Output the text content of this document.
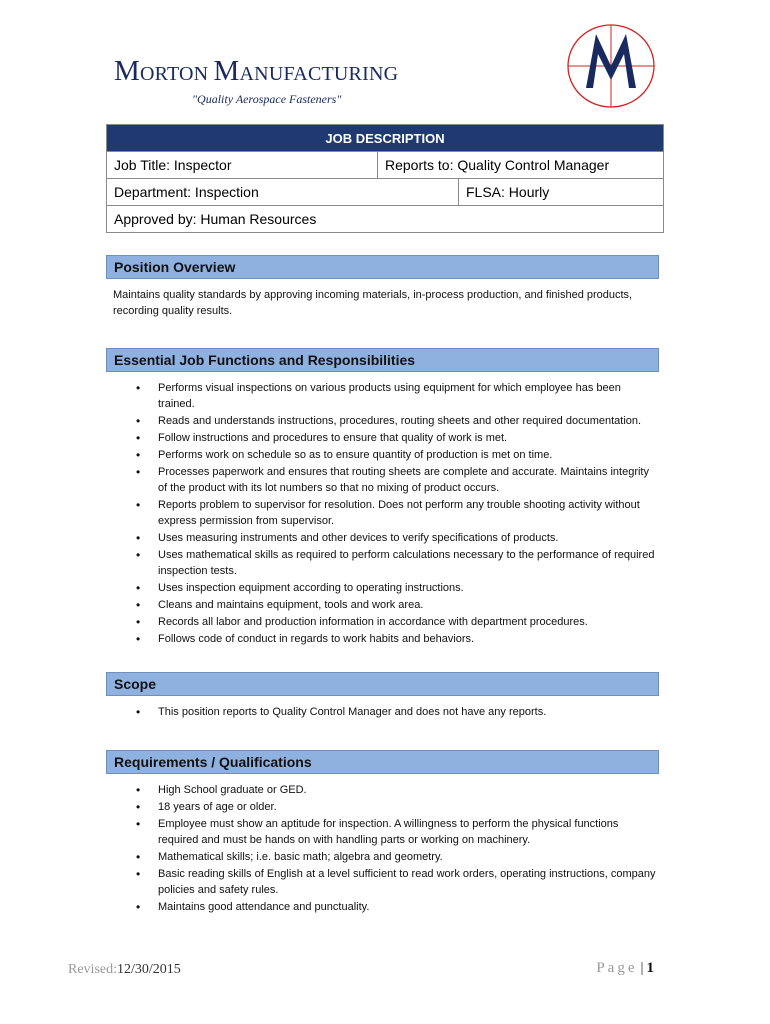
MORTON MANUFACTURING
"Quality Aerospace Fasteners"
JOB DESCRIPTION		
Job Title: Inspector	Reports to: Quality Control Manager	
Department: Inspection		FLSA: Hourly
Approved by: Human Resources		
Position Overview
Maintains quality standards by approving incoming materials, in-process production, and finished products, recording quality results.
Essential Job Functions and Responsibilities
• Performs visual inspections on various products using equipment for which employee has been trained.
• Reads and understands instructions, procedures, routing sheets and other required documentation.
• Follow instructions and procedures to ensure that quality of work is met.
• Performs work on schedule so as to ensure quantity of production is met on time.
• Processes paperwork and ensures that routing sheets are complete and accurate. Maintains integrity of the product with its lot numbers so that no mixing of product occurs.
• Reports problem to supervisor for resolution. Does not perform any trouble shooting activity without express permission from supervisor.
• Uses measuring instruments and other devices to verify specifications of products.
• Uses mathematical skills as required to perform calculations necessary to the performance of required inspection tests.
• Uses inspection equipment according to operating instructions.
• Cleans and maintains equipment, tools and work area.
• Records all labor and production information in accordance with department procedures.
• Follows code of conduct in regards to work habits and behaviors.
Scope
• This position reports to Quality Control Manager and does not have any reports.
Requirements / Qualifications
• High School graduate or GED.
• 18 years of age or older.
• Employee must show an aptitude for inspection. A willingness to perform the physical functions required and must be hands on with handling parts or working on machinery.
• Mathematical skills; i.e. basic math; algebra and geometry.
• Basic reading skills of English at a level sufficient to read work orders, operating instructions, company policies and safety rules.
• Maintains good attendance and punctuality.
Revised:12/30/2015	Page | 1
